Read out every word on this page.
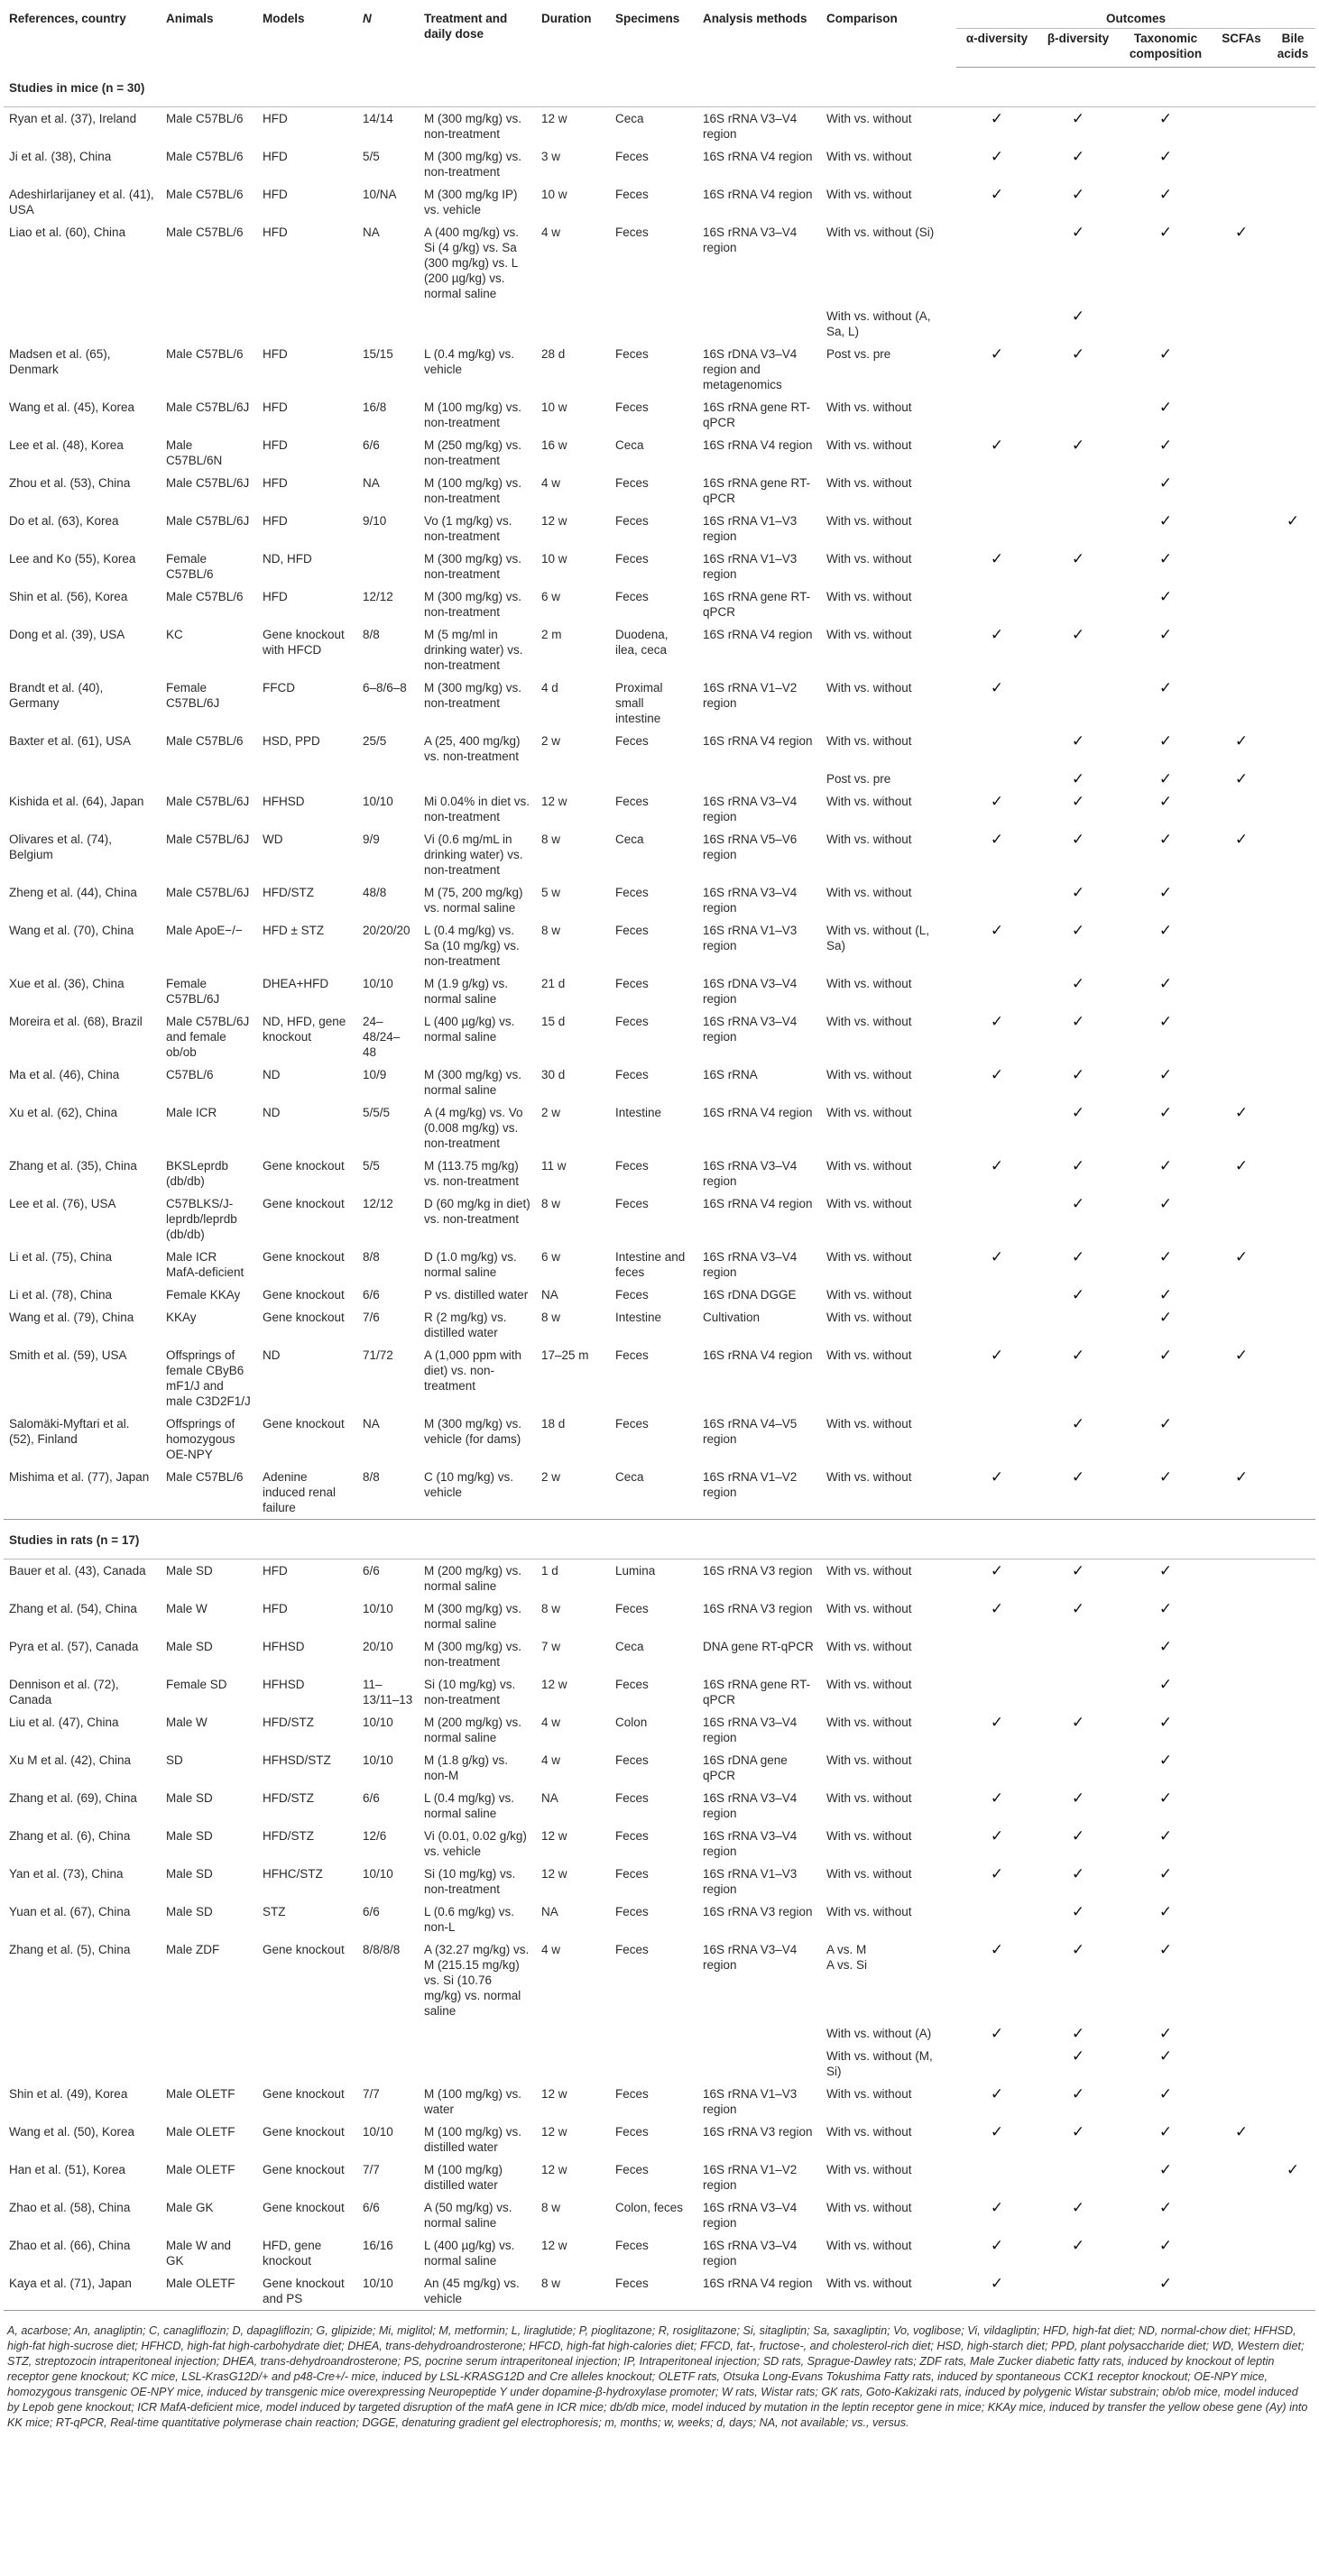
References, country	Animals	Models	N	Treatment and daily dose	Duration	Specimens	Analysis methods	Comparison	Outcomes				
									α-diversity	β-diversity	Taxonomic composition	SCFAs	Bile acids
Studies in mice (n = 30)													
Ryan et al. (37), Ireland	Male C57BL/6	HFD	14/14	M (300 mg/kg) vs. non-treatment	12 w	Ceca	16S rRNA V3–V4 region	With vs. without	✓	✓	✓		
Ji et al. (38), China	Male C57BL/6	HFD	5/5	M (300 mg/kg) vs. non-treatment	3 w	Feces	16S rRNA V4 region	With vs. without	✓	✓	✓		
Adeshirlarijaney et al. (41), USA	Male C57BL/6	HFD	10/NA	M (300 mg/kg IP) vs. vehicle	10 w	Feces	16S rRNA V4 region	With vs. without	✓	✓	✓		
Liao et al. (60), China	Male C57BL/6	HFD	NA	A (400 mg/kg) vs. Si (4 g/kg) vs. Sa (300 mg/kg) vs. L (200 µg/kg) vs. normal saline	4 w	Feces	16S rRNA V3–V4 region	With vs. without (Si)		✓	✓	✓	
								With vs. without (A, Sa, L)		✓			
Madsen et al. (65), Denmark	Male C57BL/6	HFD	15/15	L (0.4 mg/kg) vs. vehicle	28 d	Feces	16S rDNA V3–V4 region and metagenomics	Post vs. pre	✓	✓	✓		
Wang et al. (45), Korea	Male C57BL/6J	HFD	16/8	M (100 mg/kg) vs. non-treatment	10 w	Feces	16S rRNA gene RT-qPCR	With vs. without			✓		
Lee et al. (48), Korea	Male C57BL/6N	HFD	6/6	M (250 mg/kg) vs. non-treatment	16 w	Ceca	16S rRNA V4 region	With vs. without	✓	✓	✓		
Zhou et al. (53), China	Male C57BL/6J	HFD	NA	M (100 mg/kg) vs. non-treatment	4 w	Feces	16S rRNA gene RT-qPCR	With vs. without			✓		
Do et al. (63), Korea	Male C57BL/6J	HFD	9/10	Vo (1 mg/kg) vs. non-treatment	12 w	Feces	16S rRNA V1–V3 region	With vs. without			✓		✓
Lee and Ko (55), Korea	Female C57BL/6	ND, HFD		M (300 mg/kg) vs. non-treatment	10 w	Feces	16S rRNA V1–V3 region	With vs. without	✓	✓	✓		
Shin et al. (56), Korea	Male C57BL/6	HFD	12/12	M (300 mg/kg) vs. non-treatment	6 w	Feces	16S rRNA gene RT-qPCR	With vs. without			✓		
Dong et al. (39), USA	KC	Gene knockout with HFCD	8/8	M (5 mg/ml in drinking water) vs. non-treatment	2 m	Duodena, ilea, ceca	16S rRNA V4 region	With vs. without	✓	✓	✓		
Brandt et al. (40), Germany	Female C57BL/6J	FFCD	6–8/6–8	M (300 mg/kg) vs. non-treatment	4 d	Proximal small intestine	16S rRNA V1–V2 region	With vs. without	✓		✓		
Baxter et al. (61), USA	Male C57BL/6	HSD, PPD	25/5	A (25, 400 mg/kg) vs. non-treatment	2 w	Feces	16S rRNA V4 region	With vs. without		✓	✓	✓	
								Post vs. pre		✓	✓	✓	
Kishida et al. (64), Japan	Male C57BL/6J	HFHSD	10/10	Mi 0.04% in diet vs. non-treatment	12 w	Feces	16S rRNA V3–V4 region	With vs. without	✓	✓	✓		
Olivares et al. (74), Belgium	Male C57BL/6J	WD	9/9	Vi (0.6 mg/mL in drinking water) vs. non-treatment	8 w	Ceca	16S rRNA V5–V6 region	With vs. without	✓	✓	✓	✓	
Zheng et al. (44), China	Male C57BL/6J	HFD/STZ	48/8	M (75, 200 mg/kg) vs. normal saline	5 w	Feces	16S rRNA V3–V4 region	With vs. without		✓	✓		
Wang et al. (70), China	Male ApoE−/−	HFD ± STZ	20/20/20	L (0.4 mg/kg) vs. Sa (10 mg/kg) vs. non-treatment	8 w	Feces	16S rRNA V1–V3 region	With vs. without (L, Sa)	✓	✓	✓		
Xue et al. (36), China	Female C57BL/6J	DHEA+HFD	10/10	M (1.9 g/kg) vs. normal saline	21 d	Feces	16S rDNA V3–V4 region	With vs. without		✓	✓		
Moreira et al. (68), Brazil	Male C57BL/6J and female ob/ob	ND, HFD, gene knockout	24–48/24–48	L (400 µg/kg) vs. normal saline	15 d	Feces	16S rRNA V3–V4 region	With vs. without	✓	✓	✓		
Ma et al. (46), China	C57BL/6	ND	10/9	M (300 mg/kg) vs. normal saline	30 d	Feces	16S rRNA	With vs. without	✓	✓	✓		
Xu et al. (62), China	Male ICR	ND	5/5/5	A (4 mg/kg) vs. Vo (0.008 mg/kg) vs. non-treatment	2 w	Intestine	16S rRNA V4 region	With vs. without		✓	✓	✓	
Zhang et al. (35), China	BKSLeprdb (db/db)	Gene knockout	5/5	M (113.75 mg/kg) vs. non-treatment	11 w	Feces	16S rRNA V3–V4 region	With vs. without	✓	✓	✓	✓	
Lee et al. (76), USA	C57BLKS/J-leprdb/leprdb (db/db)	Gene knockout	12/12	D (60 mg/kg in diet) vs. non-treatment	8 w	Feces	16S rRNA V4 region	With vs. without		✓	✓		
Li et al. (75), China	Male ICR MafA-deficient	Gene knockout	8/8	D (1.0 mg/kg) vs. normal saline	6 w	Intestine and feces	16S rRNA V3–V4 region	With vs. without	✓	✓	✓	✓	
Li et al. (78), China	Female KKAy	Gene knockout	6/6	P vs. distilled water	NA	Feces	16S rDNA DGGE	With vs. without		✓	✓		
Wang et al. (79), China	KKAy	Gene knockout	7/6	R (2 mg/kg) vs. distilled water	8 w	Intestine	Cultivation	With vs. without			✓		
Smith et al. (59), USA	Offsprings of female CByB6 mF1/J and male C3D2F1/J	ND	71/72	A (1,000 ppm with diet) vs. non-treatment	17–25 m	Feces	16S rRNA V4 region	With vs. without	✓	✓	✓	✓	
Salomäki-Myftari et al. (52), Finland	Offsprings of homozygous OE-NPY	Gene knockout	NA	M (300 mg/kg) vs. vehicle (for dams)	18 d	Feces	16S rRNA V4–V5 region	With vs. without		✓	✓		
Mishima et al. (77), Japan	Male C57BL/6	Adenine induced renal failure	8/8	C (10 mg/kg) vs. vehicle	2 w	Ceca	16S rRNA V1–V2 region	With vs. without	✓	✓	✓	✓	
Studies in rats (n = 17)													
Bauer et al. (43), Canada	Male SD	HFD	6/6	M (200 mg/kg) vs. normal saline	1 d	Lumina	16S rRNA V3 region	With vs. without	✓	✓	✓		
Zhang et al. (54), China	Male W	HFD	10/10	M (300 mg/kg) vs. normal saline	8 w	Feces	16S rRNA V3 region	With vs. without	✓	✓	✓		
Pyra et al. (57), Canada	Male SD	HFHSD	20/10	M (300 mg/kg) vs. non-treatment	7 w	Ceca	DNA gene RT-qPCR	With vs. without			✓		
Dennison et al. (72), Canada	Female SD	HFHSD	11–13/11–13	Si (10 mg/kg) vs. non-treatment	12 w	Feces	16S rRNA gene RT-qPCR	With vs. without			✓		
Liu et al. (47), China	Male W	HFD/STZ	10/10	M (200 mg/kg) vs. normal saline	4 w	Colon	16S rRNA V3–V4 region	With vs. without	✓	✓	✓		
Xu M et al. (42), China	SD	HFHSD/STZ	10/10	M (1.8 g/kg) vs. non-M	4 w	Feces	16S rDNA gene qPCR	With vs. without			✓		
Zhang et al. (69), China	Male SD	HFD/STZ	6/6	L (0.4 mg/kg) vs. normal saline	NA	Feces	16S rRNA V3–V4 region	With vs. without	✓	✓	✓		
Zhang et al. (6), China	Male SD	HFD/STZ	12/6	Vi (0.01, 0.02 g/kg) vs. vehicle	12 w	Feces	16S rRNA V3–V4 region	With vs. without	✓	✓	✓		
Yan et al. (73), China	Male SD	HFHC/STZ	10/10	Si (10 mg/kg) vs. non-treatment	12 w	Feces	16S rRNA V1–V3 region	With vs. without	✓	✓	✓		
Yuan et al. (67), China	Male SD	STZ	6/6	L (0.6 mg/kg) vs. non-L	NA	Feces	16S rRNA V3 region	With vs. without		✓	✓		
Zhang et al. (5), China	Male ZDF	Gene knockout	8/8/8/8	A (32.27 mg/kg) vs. M (215.15 mg/kg) vs. Si (10.76 mg/kg) vs. normal saline	4 w	Feces	16S rRNA V3–V4 region	A vs. M
A vs. Si	✓	✓	✓		
								With vs. without (A)	✓	✓	✓		
								With vs. without (M, Si)		✓	✓		
Shin et al. (49), Korea	Male OLETF	Gene knockout	7/7	M (100 mg/kg) vs. water	12 w	Feces	16S rRNA V1–V3 region	With vs. without	✓	✓	✓		
Wang et al. (50), Korea	Male OLETF	Gene knockout	10/10	M (100 mg/kg) vs. distilled water	12 w	Feces	16S rRNA V3 region	With vs. without	✓	✓	✓	✓	
Han et al. (51), Korea	Male OLETF	Gene knockout	7/7	M (100 mg/kg) distilled water	12 w	Feces	16S rRNA V1–V2 region	With vs. without			✓		✓
Zhao et al. (58), China	Male GK	Gene knockout	6/6	A (50 mg/kg) vs. normal saline	8 w	Colon, feces	16S rRNA V3–V4 region	With vs. without	✓	✓	✓		
Zhao et al. (66), China	Male W and GK	HFD, gene knockout	16/16	L (400 µg/kg) vs. normal saline	12 w	Feces	16S rRNA V3–V4 region	With vs. without	✓	✓	✓		
Kaya et al. (71), Japan	Male OLETF	Gene knockout and PS	10/10	An (45 mg/kg) vs. vehicle	8 w	Feces	16S rRNA V4 region	With vs. without	✓		✓		
A, acarbose; An, anagliptin; C, canagliflozin; D, dapagliflozin; G, glipizide; Mi, miglitol; M, metformin; L, liraglutide; P, pioglitazone; R, rosiglitazone; Si, sitagliptin; Sa, saxagliptin; Vo, voglibose; Vi, vildagliptin; HFD, high-fat diet; ND, normal-chow diet; HFHSD, high-fat high-sucrose diet; HFHCD, high-fat high-carbohydrate diet; DHEA, trans-dehydroandrosterone; HFCD, high-fat high-calories diet; FFCD, fat-, fructose-, and cholesterol-rich diet; HSD, high-starch diet; PPD, plant polysaccharide diet; WD, Western diet; STZ, streptozocin intraperitoneal injection; DHEA, trans-dehydroandrosterone; PS, pocrine serum intraperitoneal injection; IP, Intraperitoneal injection; SD rats, Sprague-Dawley rats; ZDF rats, Male Zucker diabetic fatty rats, induced by knockout of leptin receptor gene knockout; KC mice, LSL-KrasG12D/+ and p48-Cre+/- mice, induced by LSL-KRASG12D and Cre alleles knockout; OLETF rats, Otsuka Long-Evans Tokushima Fatty rats, induced by spontaneous CCK1 receptor knockout; OE-NPY mice, homozygous transgenic OE-NPY mice, induced by transgenic mice overexpressing Neuropeptide Y under dopamine-β-hydroxylase promoter; W rats, Wistar rats; GK rats, Goto-Kakizaki rats, induced by polygenic Wistar substrain; ob/ob mice, model induced by Lepob gene knockout; ICR MafA-deficient mice, model induced by targeted disruption of the mafA gene in ICR mice; db/db mice, model induced by mutation in the leptin receptor gene in mice; KKAy mice, induced by transfer the yellow obese gene (Ay) into KK mice; RT-qPCR, Real-time quantitative polymerase chain reaction; DGGE, denaturing gradient gel electrophoresis; m, months; w, weeks; d, days; NA, not available; vs., versus.
